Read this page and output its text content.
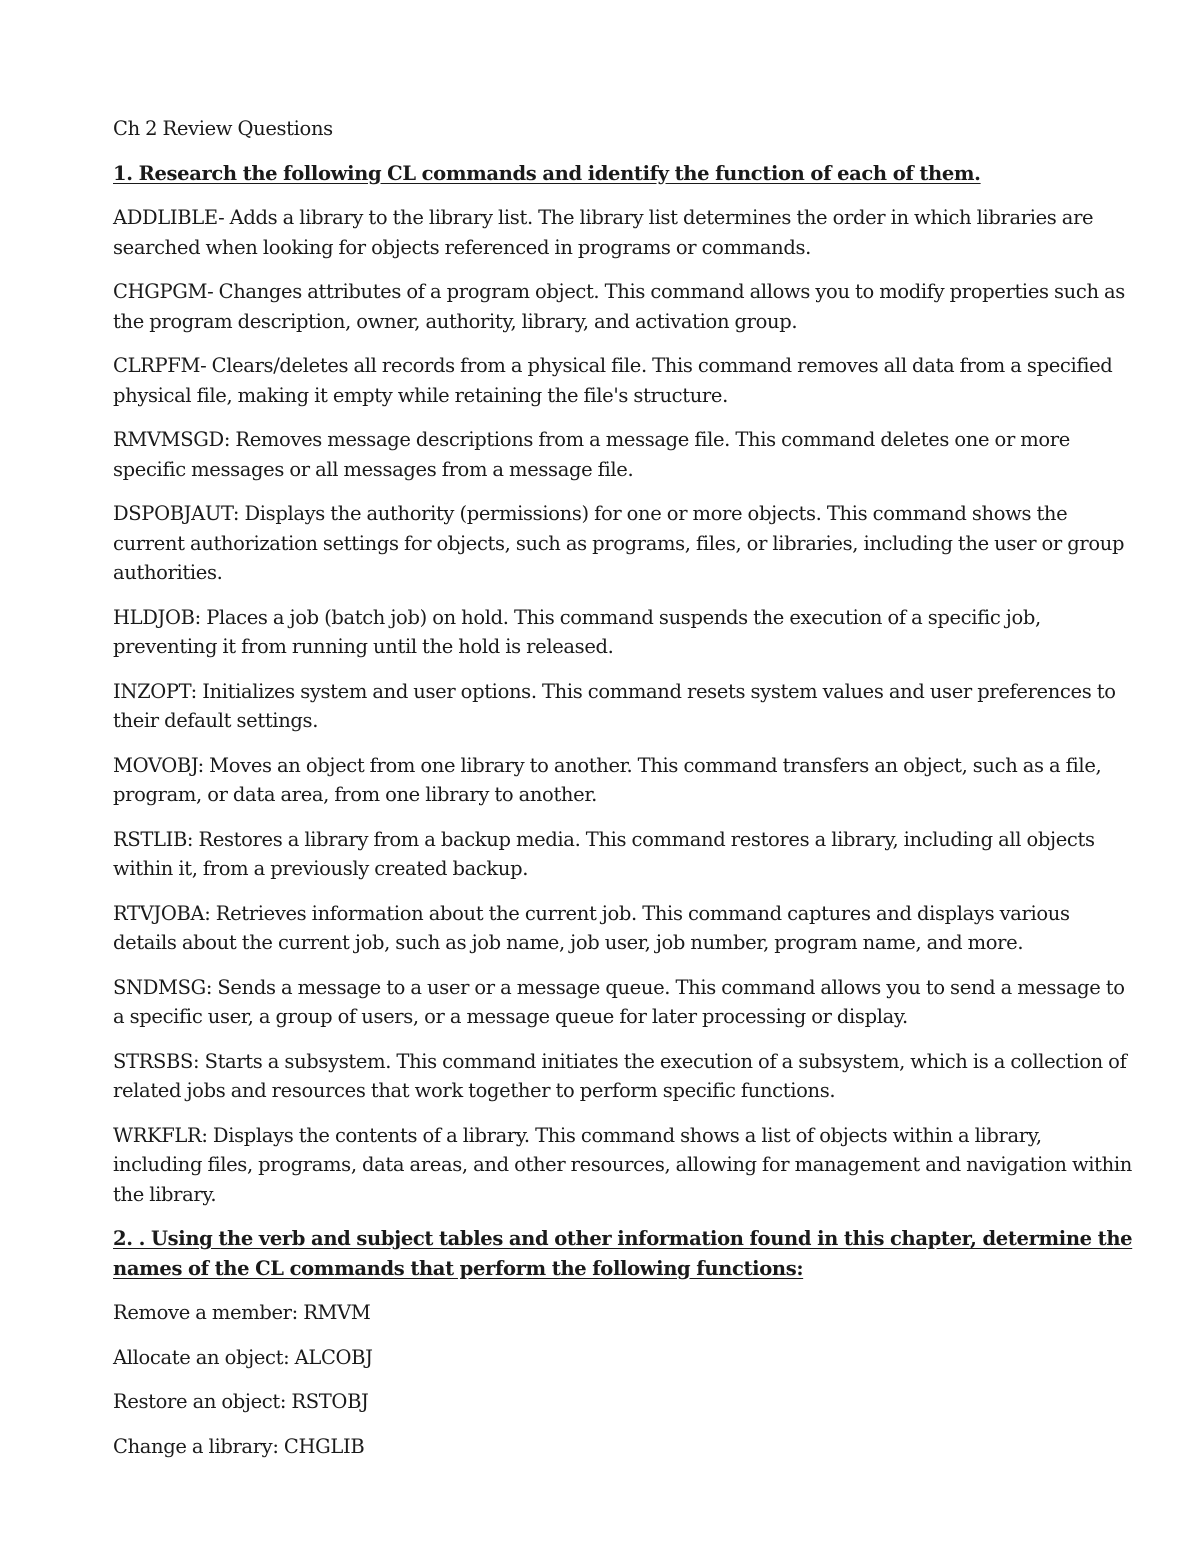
Ch 2 Review Questions

1. Research the following CL commands and identify the function of each of them.

ADDLIBLE- Adds a library to the library list. The library list determines the order in which libraries are searched when looking for objects referenced in programs or commands.

CHGPGM- Changes attributes of a program object. This command allows you to modify properties such as the program description, owner, authority, library, and activation group.

CLRPFM- Clears/deletes all records from a physical file. This command removes all data from a specified physical file, making it empty while retaining the file's structure.

RMVMSGD: Removes message descriptions from a message file. This command deletes one or more specific messages or all messages from a message file.

DSPOBJAUT: Displays the authority (permissions) for one or more objects. This command shows the current authorization settings for objects, such as programs, files, or libraries, including the user or group authorities.

HLDJOB: Places a job (batch job) on hold. This command suspends the execution of a specific job, preventing it from running until the hold is released.

INZOPT: Initializes system and user options. This command resets system values and user preferences to their default settings.

MOVOBJ: Moves an object from one library to another. This command transfers an object, such as a file, program, or data area, from one library to another.

RSTLIB: Restores a library from a backup media. This command restores a library, including all objects within it, from a previously created backup.

RTVJOBA: Retrieves information about the current job. This command captures and displays various details about the current job, such as job name, job user, job number, program name, and more.

SNDMSG: Sends a message to a user or a message queue. This command allows you to send a message to a specific user, a group of users, or a message queue for later processing or display.

STRSBS: Starts a subsystem. This command initiates the execution of a subsystem, which is a collection of related jobs and resources that work together to perform specific functions.

WRKFLR: Displays the contents of a library. This command shows a list of objects within a library, including files, programs, data areas, and other resources, allowing for management and navigation within the library.

2. . Using the verb and subject tables and other information found in this chapter, determine the names of the CL commands that perform the following functions:

Remove a member: RMVM

Allocate an object: ALCOBJ

Restore an object: RSTOBJ

Change a library: CHGLIB
